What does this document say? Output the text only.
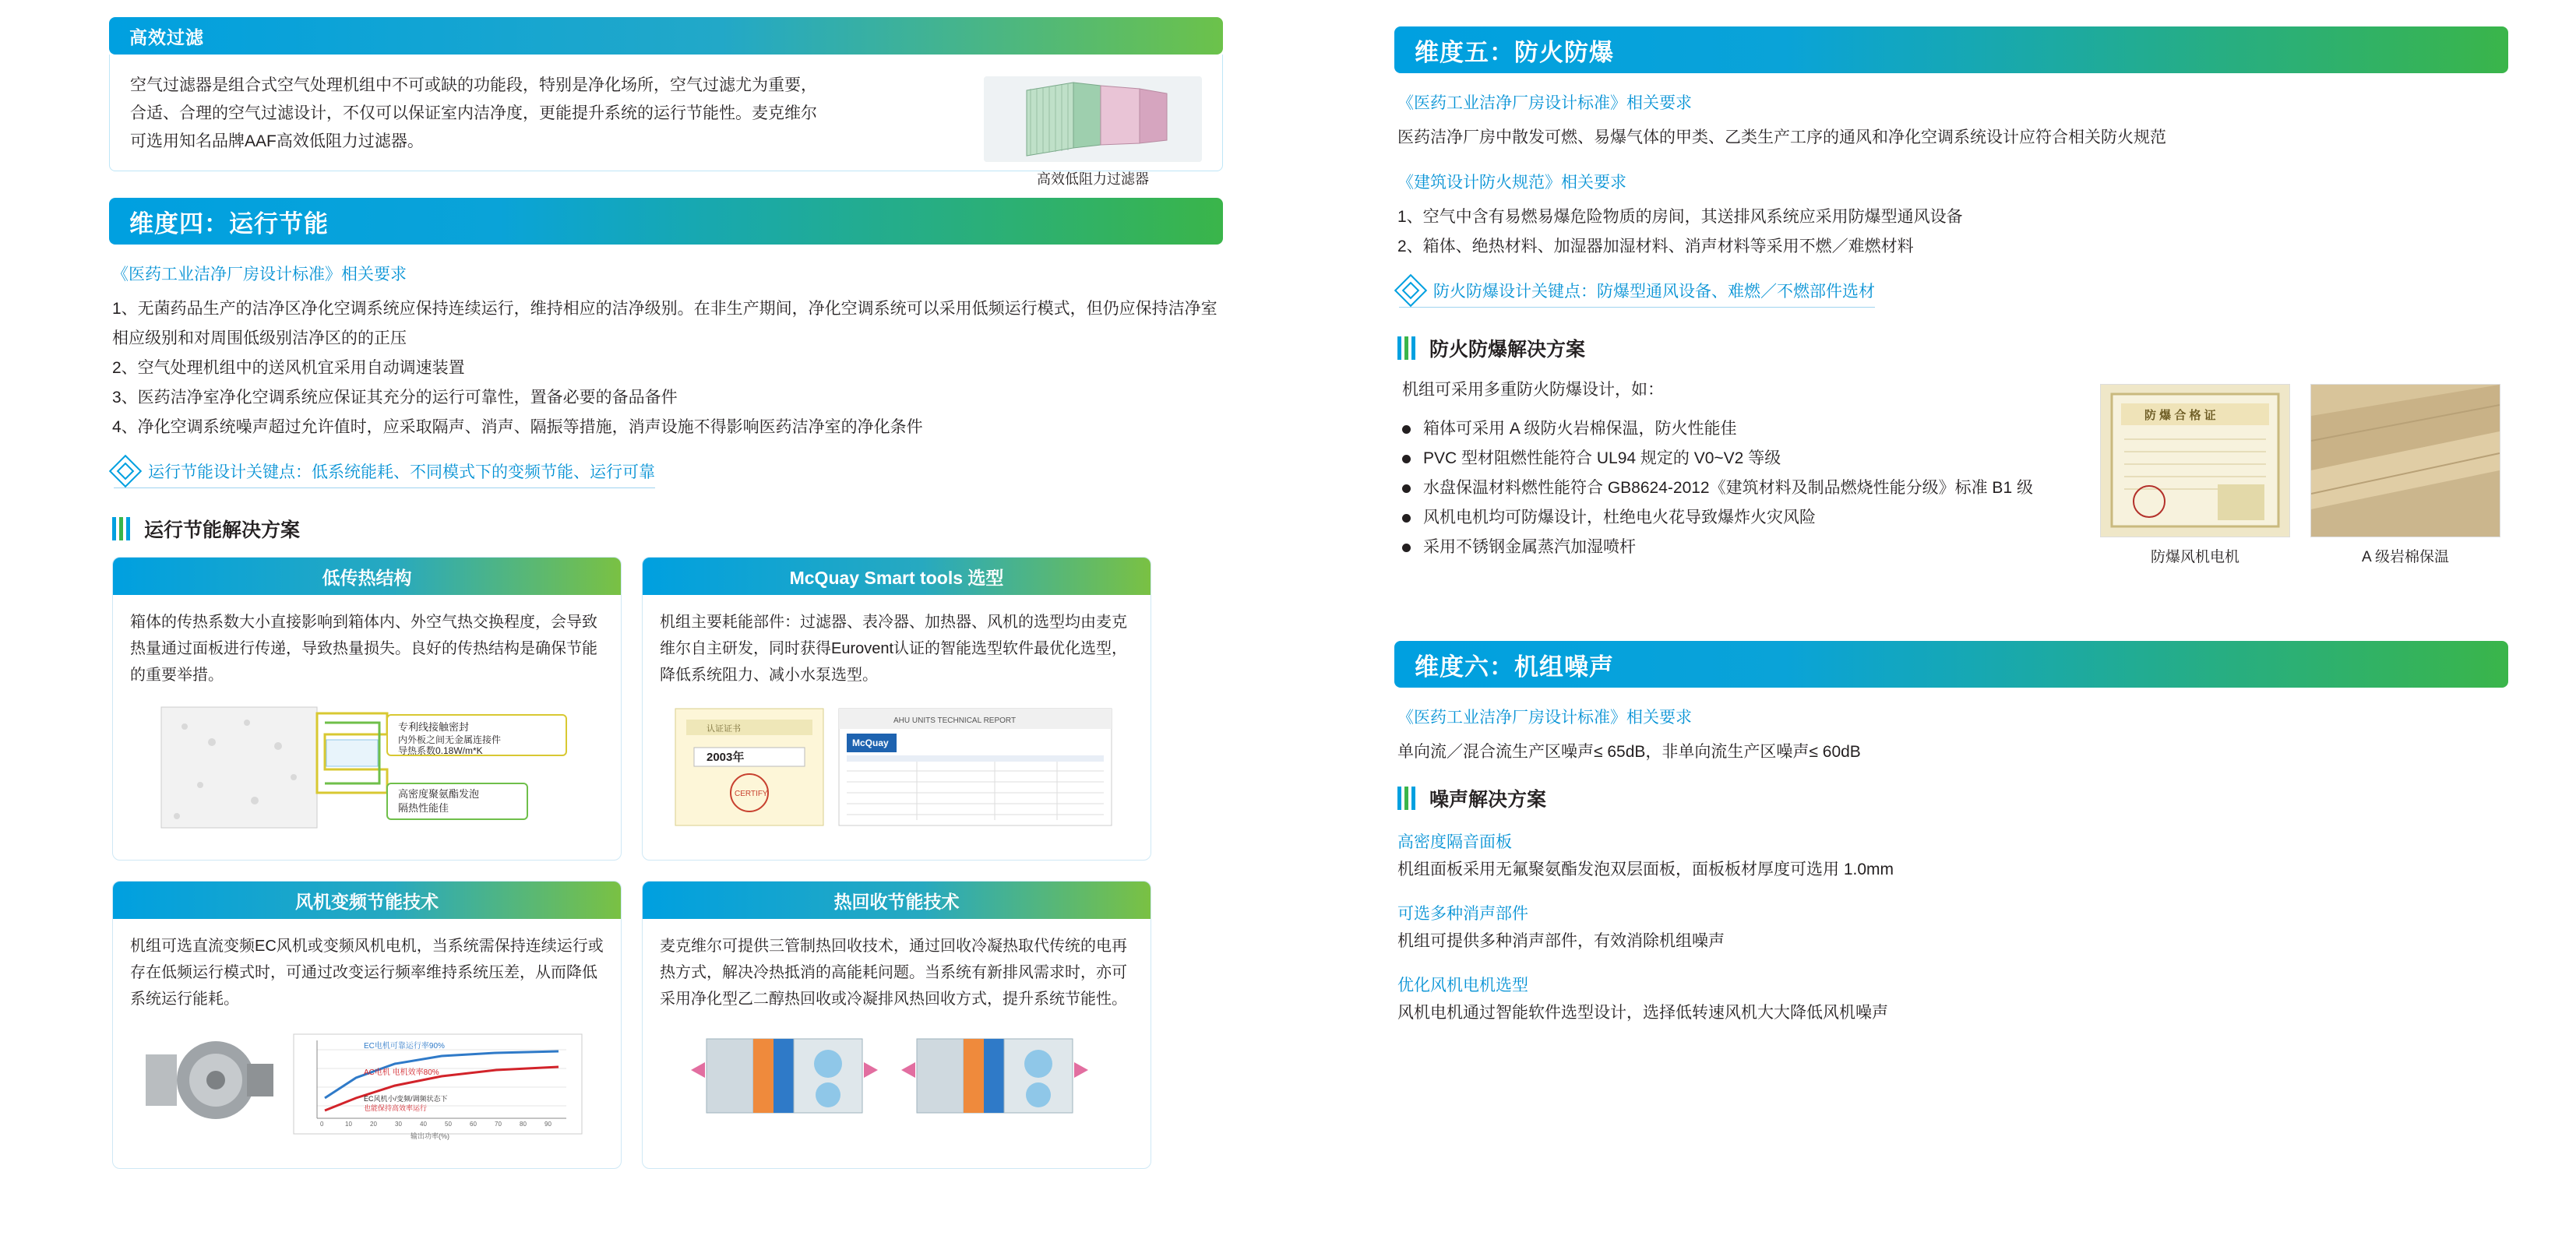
高效过滤
空气过滤器是组合式空气处理机组中不可或缺的功能段，特别是净化场所，空气过滤尤为重要，合适、合理的空气过滤设计，不仅可以保证室内洁净度，更能提升系统的运行节能性。麦克维尔可选用知名品牌AAF高效低阻力过滤器。
高效低阻力过滤器
维度四：运行节能
《医药工业洁净厂房设计标准》相关要求
1、无菌药品生产的洁净区净化空调系统应保持连续运行，维持相应的洁净级别。在非生产期间，净化空调系统可以采用低频运行模式，但仍应保持洁净室相应级别和对周围低级别洁净区的的正压
2、空气处理机组中的送风机宜采用自动调速装置
3、医药洁净室净化空调系统应保证其充分的运行可靠性，置备必要的备品备件
4、净化空调系统噪声超过允许值时，应采取隔声、消声、隔振等措施，消声设施不得影响医药洁净室的净化条件
运行节能设计关键点：低系统能耗、不同模式下的变频节能、运行可靠
运行节能解决方案
低传热结构
箱体的传热系数大小直接影响到箱体内、外空气热交换程度，会导致热量通过面板进行传递，导致热量损失。良好的传热结构是确保节能的重要举措。
专利线接触密封
内外板之间无金属连接件
导热系数0.18W/m*K
高密度聚氨酯发泡
隔热性能佳
McQuay Smart tools 选型
机组主要耗能部件：过滤器、表冷器、加热器、风机的选型均由麦克维尔自主研发，同时获得Eurovent认证的智能选型软件最优化选型，降低系统阻力、减小水泵选型。
认证证书
2003年
CERTIFY
AHU UNITS TECHNICAL REPORT
McQuay
风机变频节能技术
机组可选直流变频EC风机或变频风机电机，当系统需保持连续运行或存在低频运行模式时，可通过改变运行频率维持系统压差，从而降低系统运行能耗。
EC电机可靠运行率90%
AC电机 电机效率80%
EC风机小/变频/调频状态下
也能保持高效率运行
0	10	20	30	40	50	60	70	80	90
输出功率(%)
热回收节能技术
麦克维尔可提供三管制热回收技术，通过回收冷凝热取代传统的电再热方式，解决冷热抵消的高能耗问题。当系统有新排风需求时，亦可采用净化型乙二醇热回收或冷凝排风热回收方式，提升系统节能性。
维度五：防火防爆
《医药工业洁净厂房设计标准》相关要求
医药洁净厂房中散发可燃、易爆气体的甲类、乙类生产工序的通风和净化空调系统设计应符合相关防火规范
《建筑设计防火规范》相关要求
1、空气中含有易燃易爆危险物质的房间，其送排风系统应采用防爆型通风设备
2、箱体、绝热材料、加湿器加湿材料、消声材料等采用不燃／难燃材料
防火防爆设计关键点：防爆型通风设备、难燃／不燃部件选材
防火防爆解决方案
机组可采用多重防火防爆设计，如：
箱体可采用 A 级防火岩棉保温，防火性能佳
PVC 型材阻燃性能符合 UL94 规定的 V0~V2 等级
水盘保温材料燃性能符合 GB8624-2012《建筑材料及制品燃烧性能分级》标准 B1 级
风机电机均可防爆设计，杜绝电火花导致爆炸火灾风险
采用不锈钢金属蒸汽加湿喷杆
防 爆 合 格 证
防爆风机电机	A 级岩棉保温
维度六：机组噪声
《医药工业洁净厂房设计标准》相关要求
单向流／混合流生产区噪声≤ 65dB，非单向流生产区噪声≤ 60dB
噪声解决方案
高密度隔音面板
机组面板采用无氟聚氨酯发泡双层面板，面板板材厚度可选用 1.0mm
可选多种消声部件
机组可提供多种消声部件，有效消除机组噪声
优化风机电机选型
风机电机通过智能软件选型设计，选择低转速风机大大降低风机噪声
